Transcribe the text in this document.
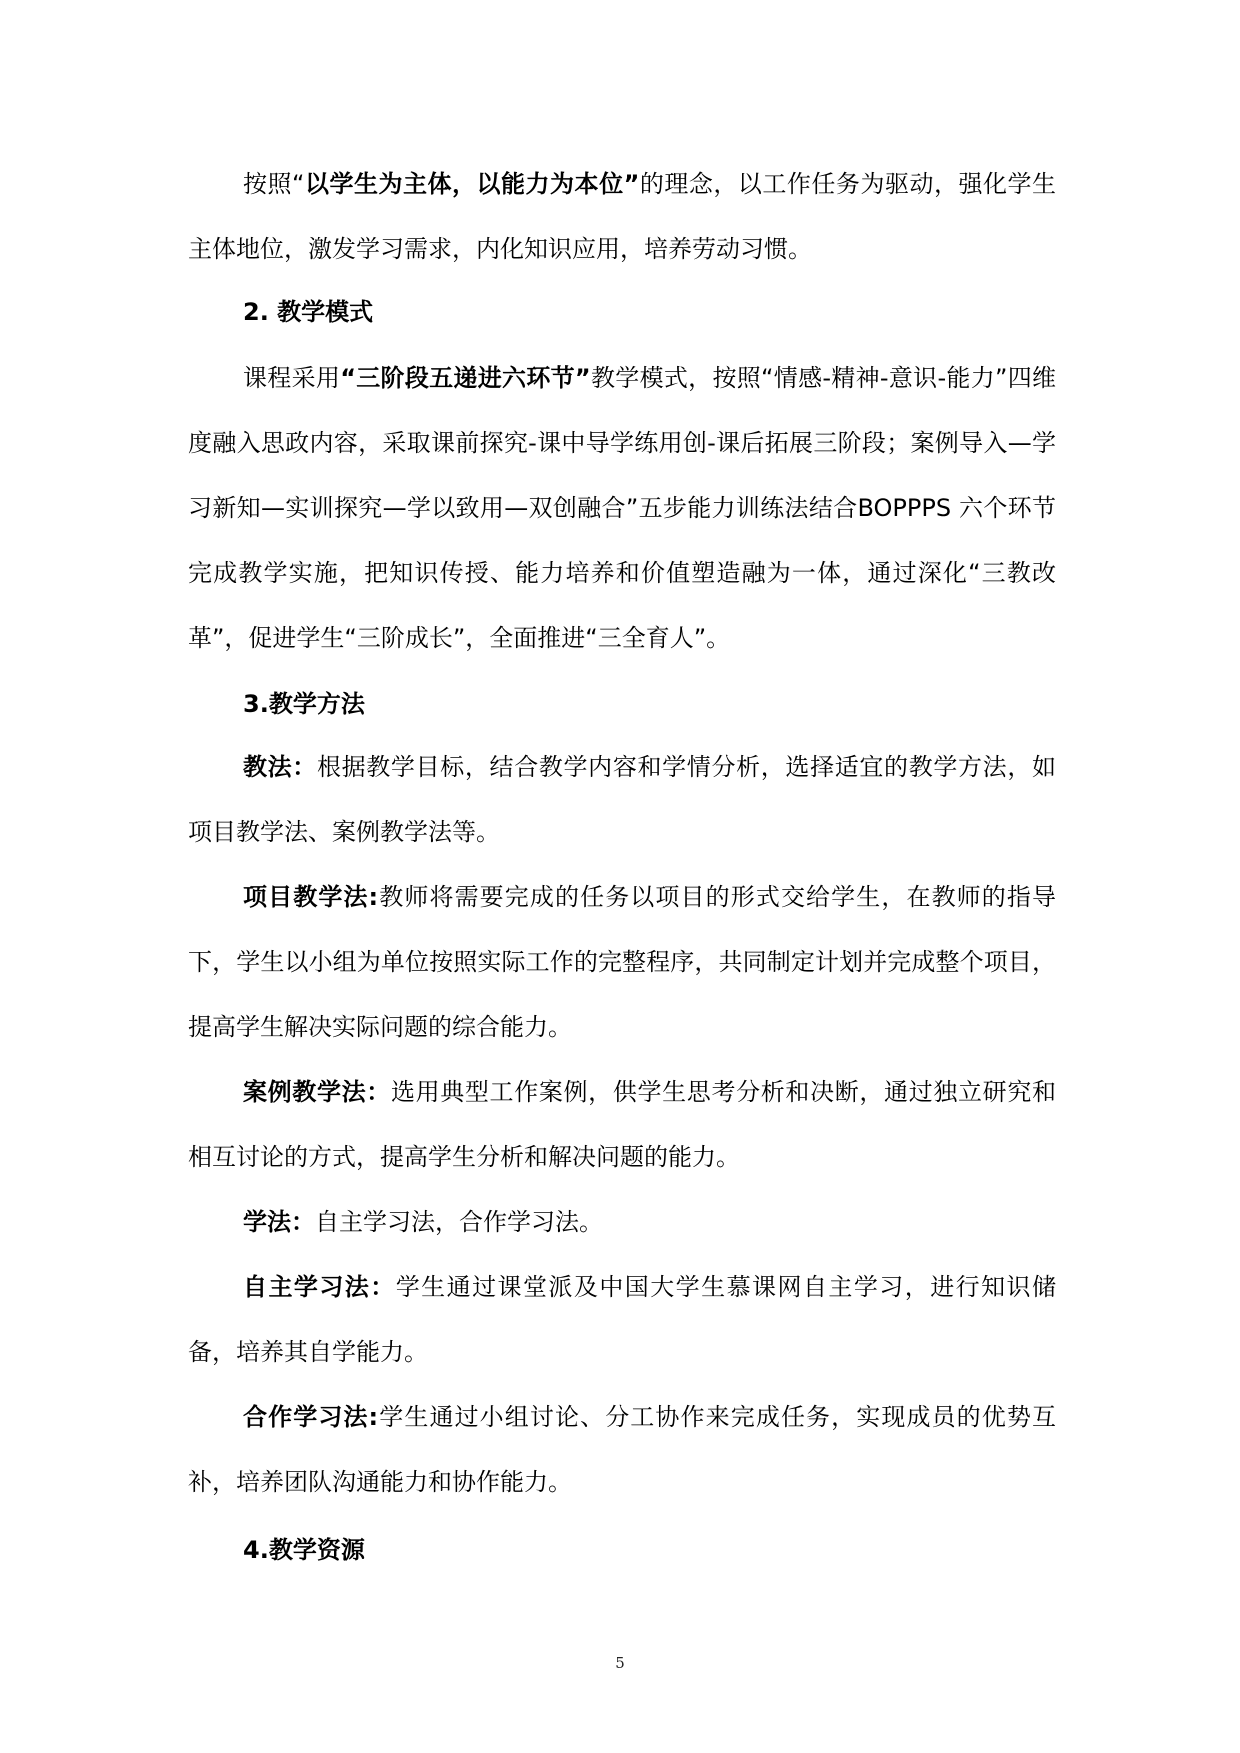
按照“以学生为主体，以能力为本位”的理念，以工作任务为驱动，强化学生主体地位，激发学习需求，内化知识应用，培养劳动习惯。

2. 教学模式

课程采用“三阶段五递进六环节”教学模式，按照“情感-精神-意识-能力”四维度融入思政内容，采取课前探究-课中导学练用创-课后拓展三阶段；案例导入—学习新知—实训探究—学以致用—双创融合”五步能力训练法结合BOPPPS 六个环节完成教学实施，把知识传授、能力培养和价值塑造融为一体，通过深化“三教改革”，促进学生“三阶成长”，全面推进“三全育人”。

3.教学方法

教法：根据教学目标，结合教学内容和学情分析，选择适宜的教学方法，如项目教学法、案例教学法等。

项目教学法:教师将需要完成的任务以项目的形式交给学生，在教师的指导下，学生以小组为单位按照实际工作的完整程序，共同制定计划并完成整个项目，提高学生解决实际问题的综合能力。

案例教学法：选用典型工作案例，供学生思考分析和决断，通过独立研究和相互讨论的方式，提高学生分析和解决问题的能力。

学法：自主学习法，合作学习法。

自主学习法：学生通过课堂派及中国大学生慕课网自主学习，进行知识储备，培养其自学能力。

合作学习法:学生通过小组讨论、分工协作来完成任务，实现成员的优势互补，培养团队沟通能力和协作能力。

4.教学资源
5
